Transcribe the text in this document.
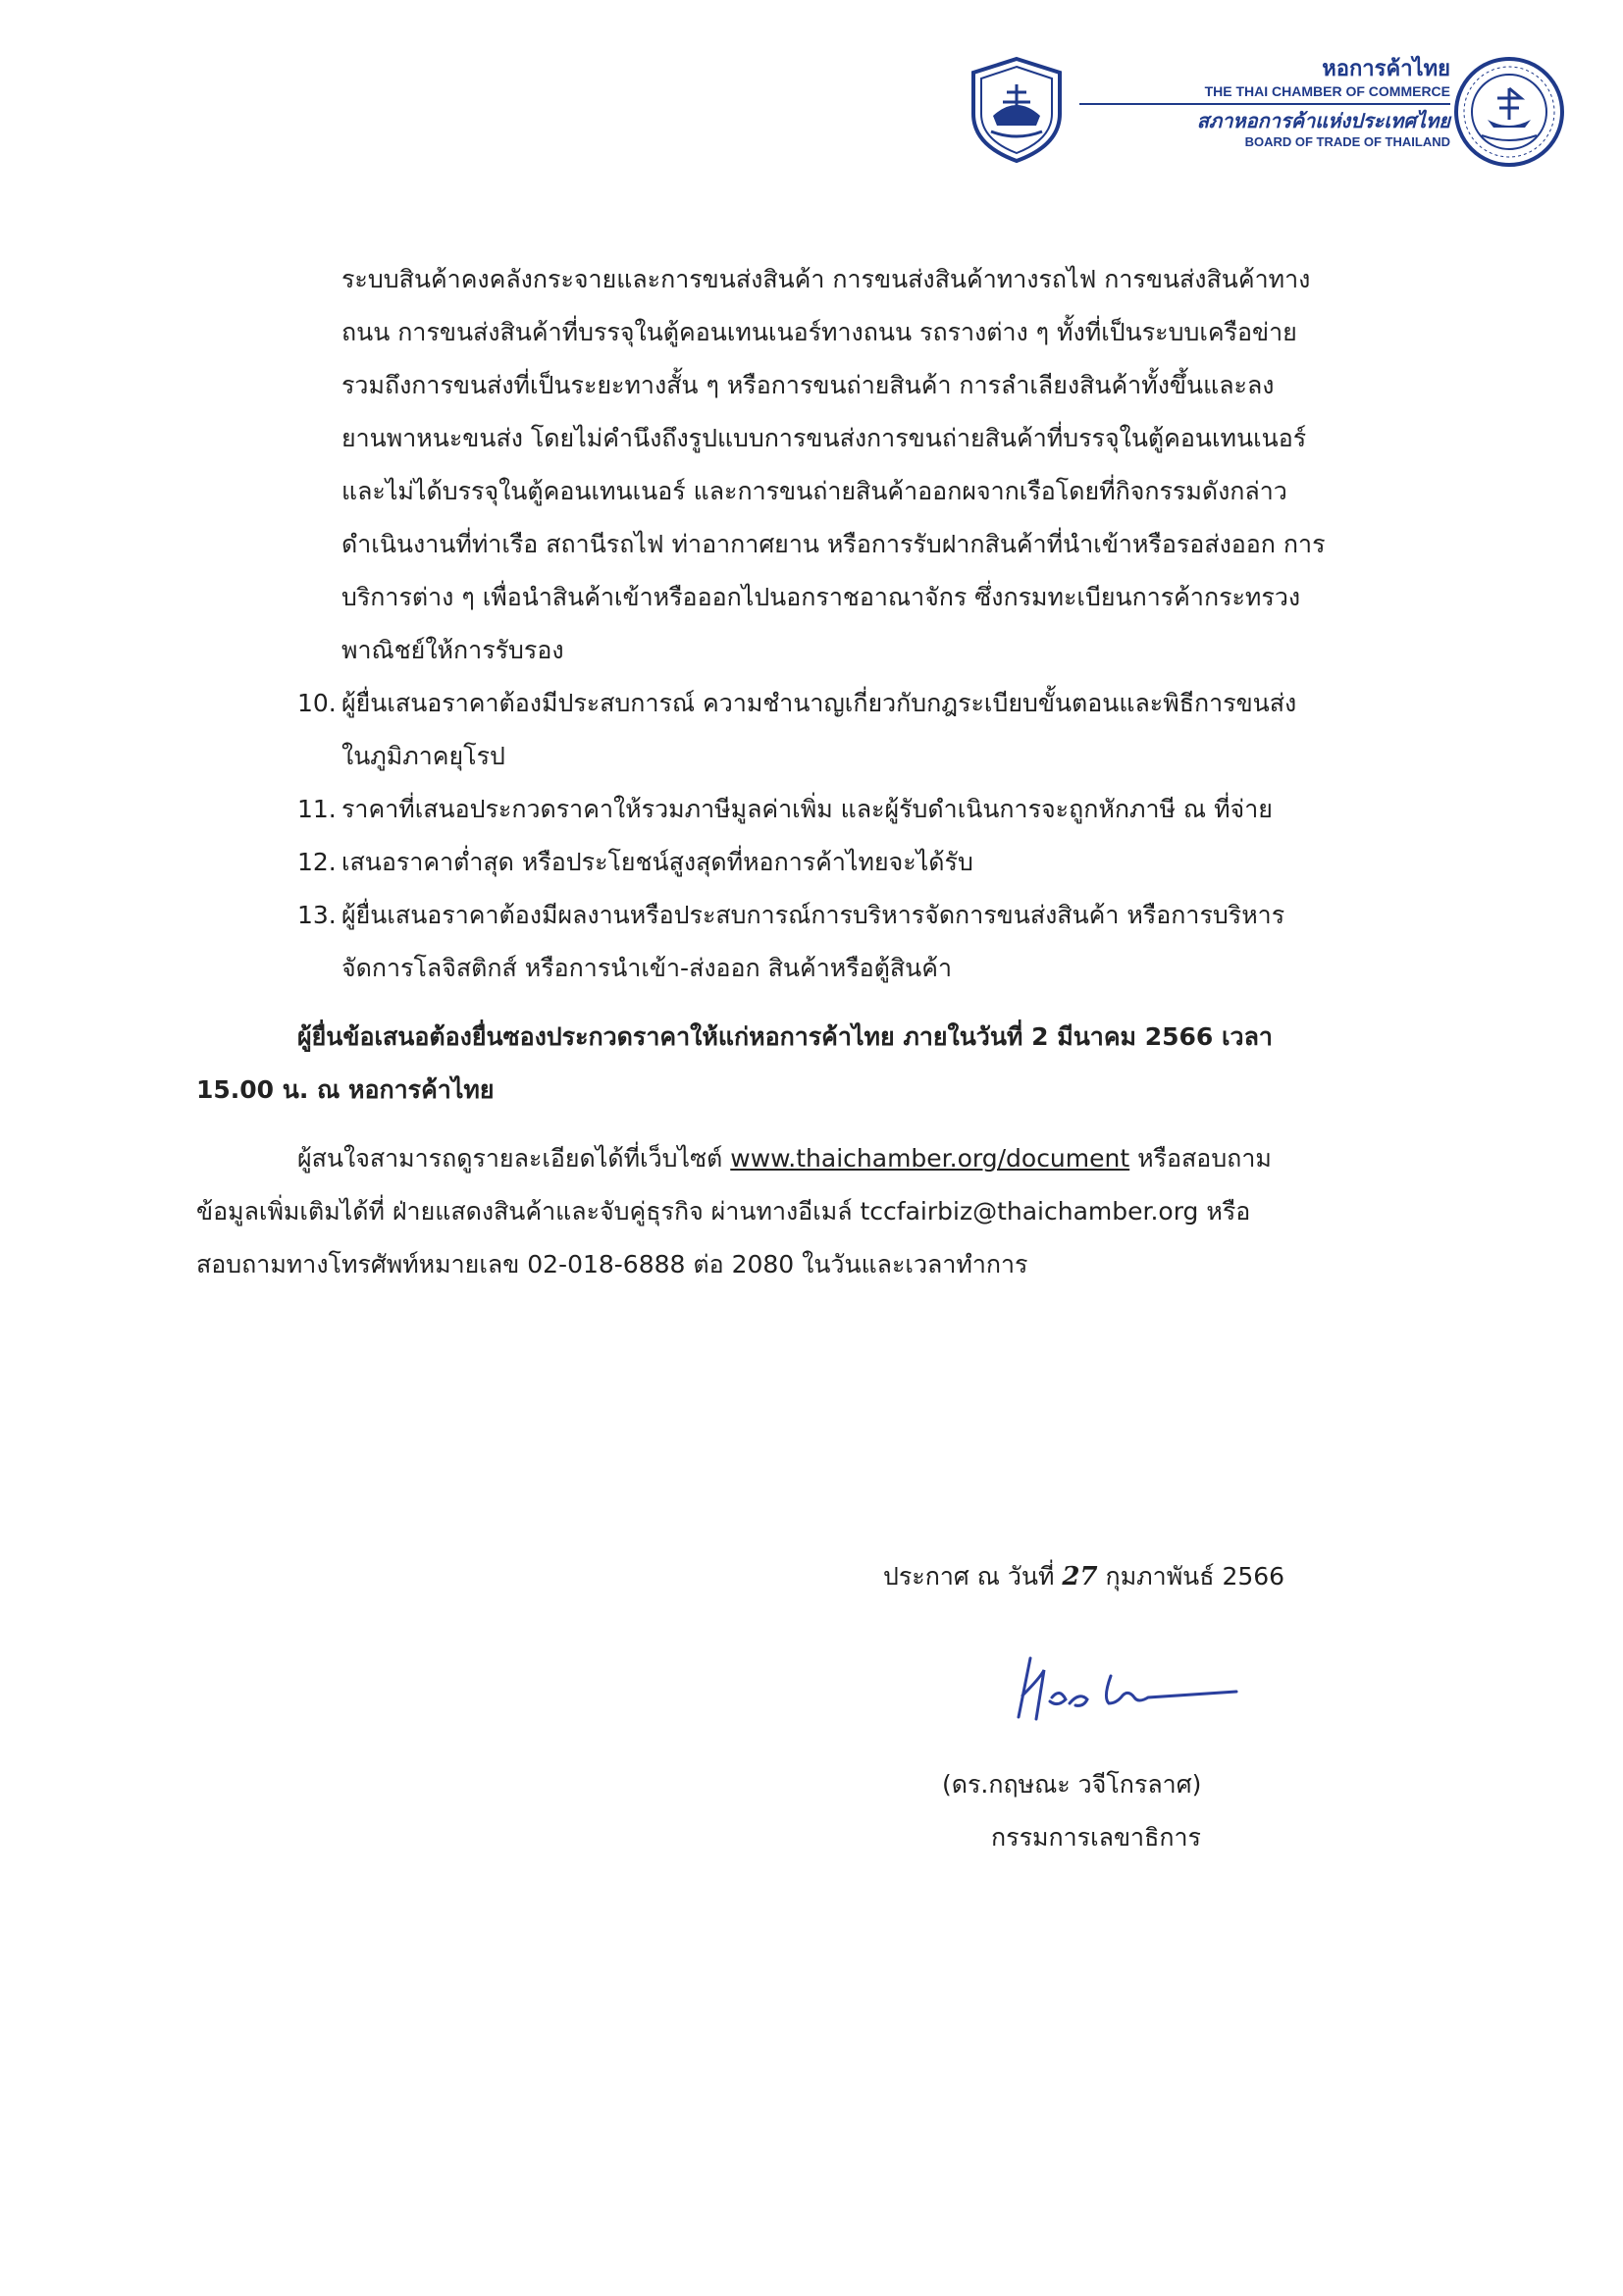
หอการค้าไทย
THE THAI CHAMBER OF COMMERCE
สภาหอการค้าแห่งประเทศไทย
BOARD OF TRADE OF THAILAND
ระบบสินค้าคงคลังกระจายและการขนส่งสินค้า การขนส่งสินค้าทางรถไฟ การขนส่งสินค้าทาง
ถนน การขนส่งสินค้าที่บรรจุในตู้คอนเทนเนอร์ทางถนน รถรางต่าง ๆ ทั้งที่เป็นระบบเครือข่าย
รวมถึงการขนส่งที่เป็นระยะทางสั้น ๆ หรือการขนถ่ายสินค้า การลำเลียงสินค้าทั้งขึ้นและลง
ยานพาหนะขนส่ง โดยไม่คำนึงถึงรูปแบบการขนส่งการขนถ่ายสินค้าที่บรรจุในตู้คอนเทนเนอร์
และไม่ได้บรรจุในตู้คอนเทนเนอร์ และการขนถ่ายสินค้าออกผจากเรือโดยที่กิจกรรมดังกล่าว
ดำเนินงานที่ท่าเรือ สถานีรถไฟ ท่าอากาศยาน หรือการรับฝากสินค้าที่นำเข้าหรือรอส่งออก การ
บริการต่าง ๆ เพื่อนำสินค้าเข้าหรือออกไปนอกราชอาณาจักร ซึ่งกรมทะเบียนการค้ากระทรวง
พาณิชย์ให้การรับรอง
10. ผู้ยื่นเสนอราคาต้องมีประสบการณ์ ความชำนาญเกี่ยวกับกฎระเบียบขั้นตอนและพิธีการขนส่ง
ในภูมิภาคยุโรป
11. ราคาที่เสนอประกวดราคาให้รวมภาษีมูลค่าเพิ่ม และผู้รับดำเนินการจะถูกหักภาษี ณ ที่จ่าย
12. เสนอราคาต่ำสุด หรือประโยชน์สูงสุดที่หอการค้าไทยจะได้รับ
13. ผู้ยื่นเสนอราคาต้องมีผลงานหรือประสบการณ์การบริหารจัดการขนส่งสินค้า หรือการบริหาร
จัดการโลจิสติกส์ หรือการนำเข้า-ส่งออก สินค้าหรือตู้สินค้า
ผู้ยื่นข้อเสนอต้องยื่นซองประกวดราคาให้แก่หอการค้าไทย ภายในวันที่ 2 มีนาคม 2566 เวลา
15.00 น. ณ หอการค้าไทย
ผู้สนใจสามารถดูรายละเอียดได้ที่เว็บไซต์ www.thaichamber.org/document หรือสอบถาม
ข้อมูลเพิ่มเติมได้ที่ ฝ่ายแสดงสินค้าและจับคู่ธุรกิจ ผ่านทางอีเมล์ tccfairbiz@thaichamber.org หรือ
สอบถามทางโทรศัพท์หมายเลข 02-018-6888 ต่อ 2080 ในวันและเวลาทำการ
ประกาศ ณ วันที่ 27 กุมภาพันธ์ 2566
(ดร.กฤษณะ วจีโกรลาศ)
กรรมการเลขาธิการ
